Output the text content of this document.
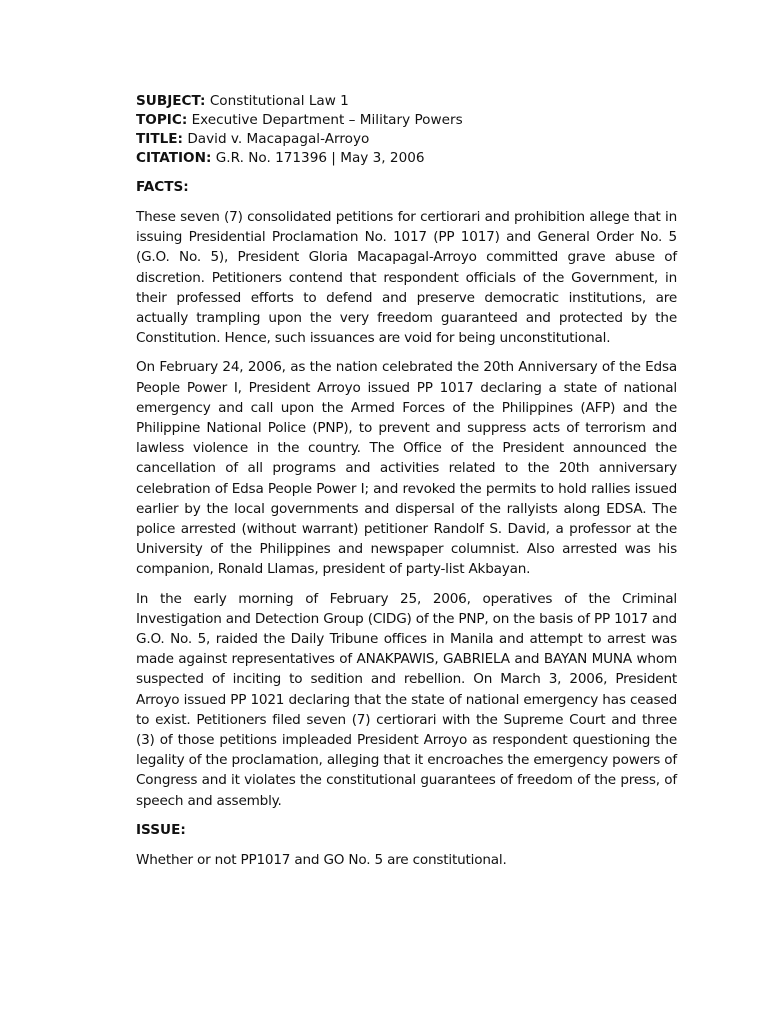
SUBJECT: Constitutional Law 1
TOPIC: Executive Department – Military Powers
TITLE: David v. Macapagal-Arroyo
CITATION: G.R. No. 171396 | May 3, 2006
FACTS:

These seven (7) consolidated petitions for certiorari and prohibition allege that in issuing Presidential Proclamation No. 1017 (PP 1017) and General Order No. 5 (G.O. No. 5), President Gloria Macapagal-Arroyo committed grave abuse of discretion. Petitioners contend that respondent officials of the Government, in their professed efforts to defend and preserve democratic institutions, are actually trampling upon the very freedom guaranteed and protected by the Constitution. Hence, such issuances are void for being unconstitutional.

On February 24, 2006, as the nation celebrated the 20th Anniversary of the Edsa People Power I, President Arroyo issued PP 1017 declaring a state of national emergency and call upon the Armed Forces of the Philippines (AFP) and the Philippine National Police (PNP), to prevent and suppress acts of terrorism and lawless violence in the country. The Office of the President announced the cancellation of all programs and activities related to the 20th anniversary celebration of Edsa People Power I; and revoked the permits to hold rallies issued earlier by the local governments and dispersal of the rallyists along EDSA. The police arrested (without warrant) petitioner Randolf S. David, a professor at the University of the Philippines and newspaper columnist. Also arrested was his companion, Ronald Llamas, president of party-list Akbayan.

In the early morning of February 25, 2006, operatives of the Criminal Investigation and Detection Group (CIDG) of the PNP, on the basis of PP 1017 and G.O. No. 5, raided the Daily Tribune offices in Manila and attempt to arrest was made against representatives of ANAKPAWIS, GABRIELA and BAYAN MUNA whom suspected of inciting to sedition and rebellion. On March 3, 2006, President Arroyo issued PP 1021 declaring that the state of national emergency has ceased to exist. Petitioners filed seven (7) certiorari with the Supreme Court and three (3) of those petitions impleaded President Arroyo as respondent questioning the legality of the proclamation, alleging that it encroaches the emergency powers of Congress and it violates the constitutional guarantees of freedom of the press, of speech and assembly.

ISSUE:

Whether or not PP1017 and GO No. 5 are constitutional.
